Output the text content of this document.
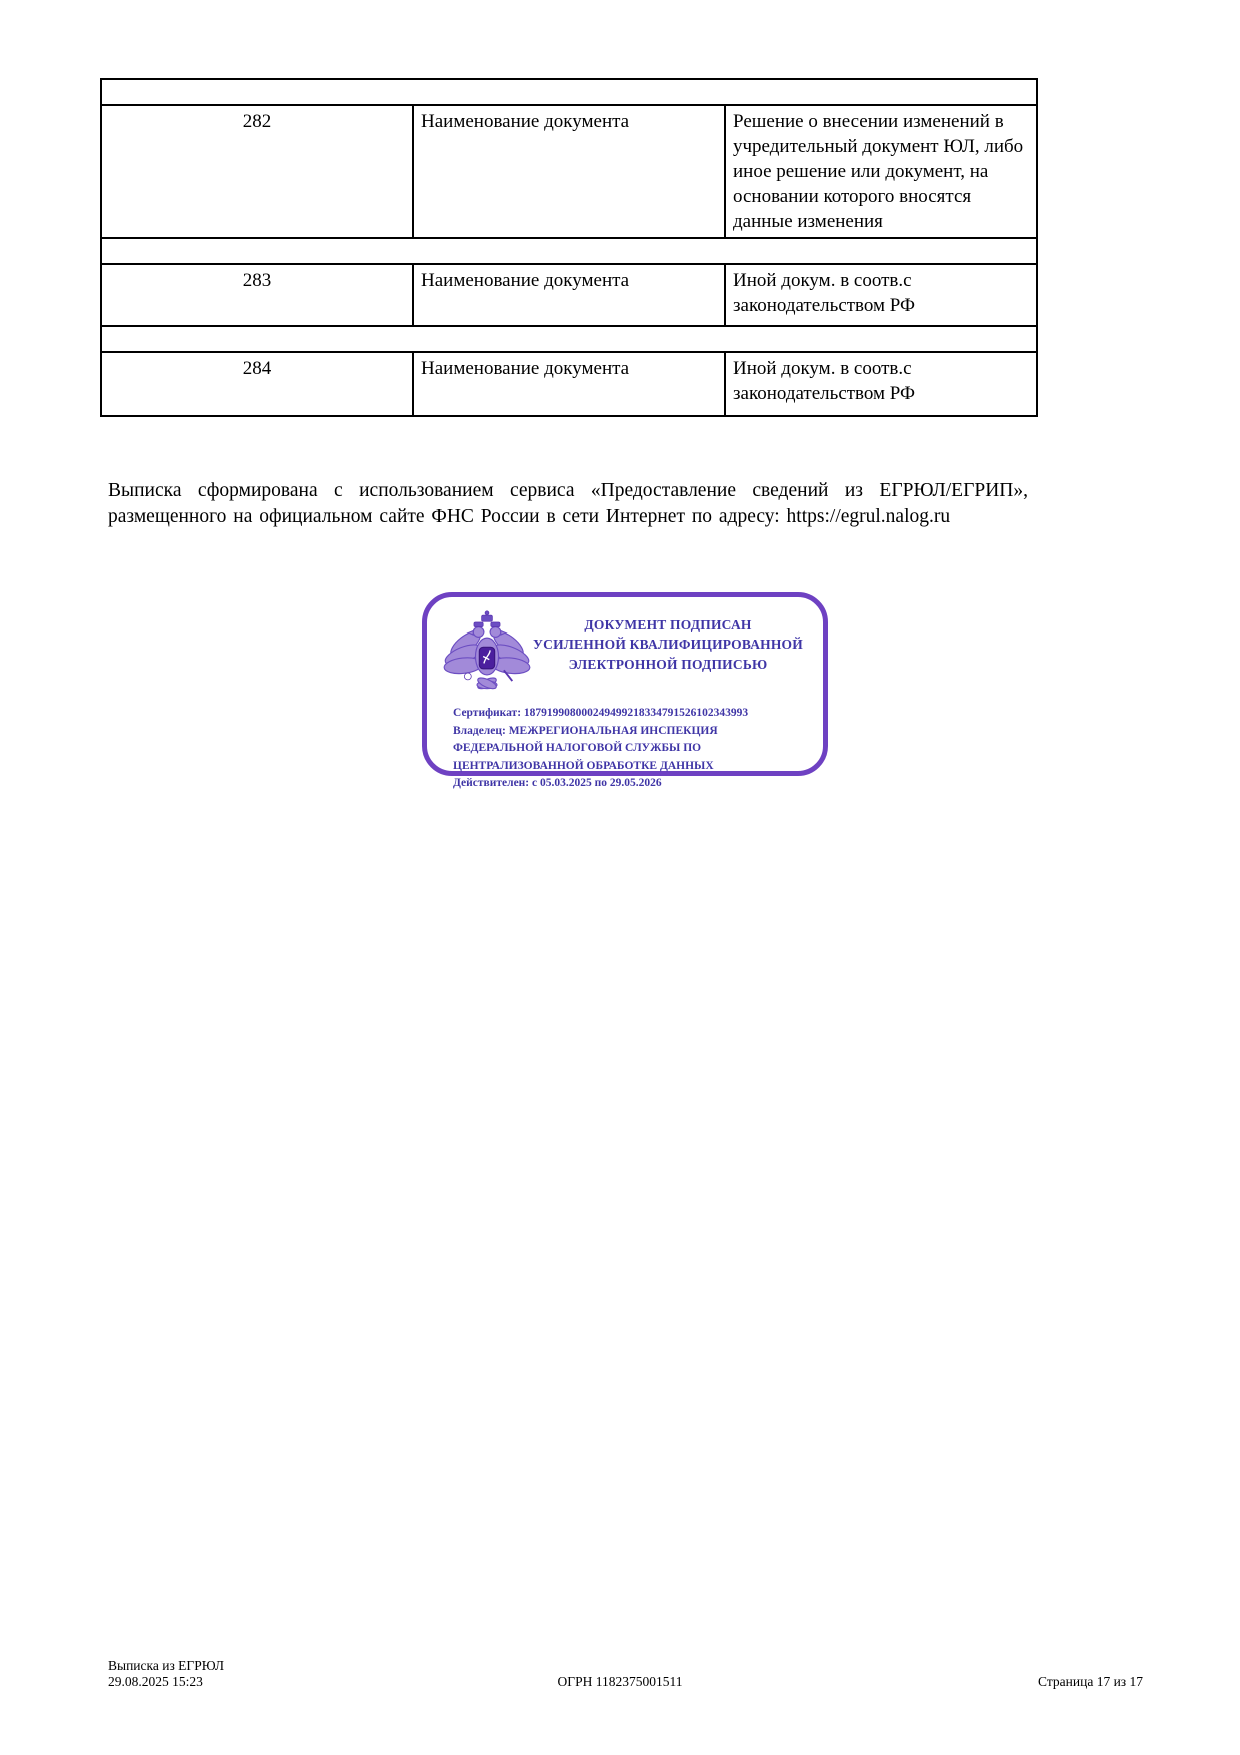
282	Наименование документа	Решение о внесении изменений в учредительный документ ЮЛ, либо иное решение или документ, на основании которого вносятся данные изменения

283	Наименование документа	Иной докум. в соотв.с законодательством РФ

284	Наименование документа	Иной докум. в соотв.с законодательством РФ
Выписка сформирована с использованием сервиса «Предоставление сведений из ЕГРЮЛ/ЕГРИП», размещенного на официальном сайте ФНС России в сети Интернет по адресу: https://egrul.nalog.ru
ДОКУМЕНТ ПОДПИСАН
УСИЛЕННОЙ КВАЛИФИЦИРОВАННОЙ
ЭЛЕКТРОННОЙ ПОДПИСЬЮ
Сертификат: 187919908000249499218334791526102343993
Владелец: МЕЖРЕГИОНАЛЬНАЯ ИНСПЕКЦИЯ ФЕДЕРАЛЬНОЙ НАЛОГОВОЙ СЛУЖБЫ ПО ЦЕНТРАЛИЗОВАННОЙ ОБРАБОТКЕ ДАННЫХ
Действителен: с 05.03.2025 по 29.05.2026
Выписка из ЕГРЮЛ
29.08.2025 15:23	ОГРН 1182375001511	Страница 17 из 17
